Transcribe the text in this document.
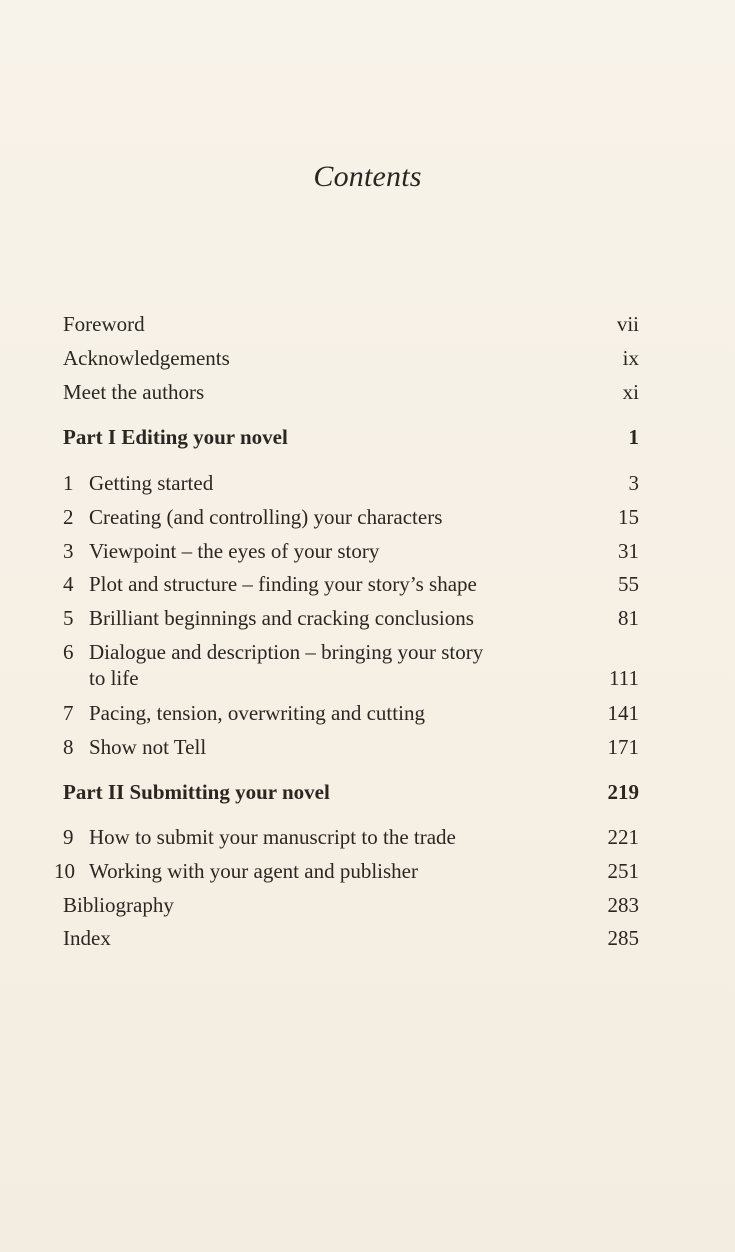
Contents
Foreword	vii
Acknowledgements	ix
Meet the authors	xi
Part I Editing your novel	1
1 Getting started	3
2 Creating (and controlling) your characters	15
3 Viewpoint – the eyes of your story	31
4 Plot and structure – finding your story’s shape	55
5 Brilliant beginnings and cracking conclusions	81
6 Dialogue and description – bringing your story
to life	111
7 Pacing, tension, overwriting and cutting	141
8 Show not Tell	171
Part II Submitting your novel	219
9 How to submit your manuscript to the trade	221
10 Working with your agent and publisher	251
Bibliography	283
Index	285
